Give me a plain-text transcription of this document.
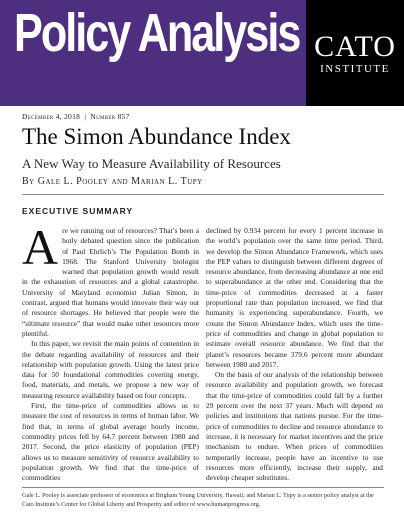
Policy Analysis CATO
INSTITUTE
December 4, 2018 | Number 857
The Simon Abundance Index
A New Way to Measure Availability of Resources
By Gale L. Pooley and Marian L. Tupy
EXECUTIVE SUMMARY
A re we running out of resources? That’s been a hotly debated question since the publication of Paul Ehrlich’s The Population Bomb in 1968. The Stanford University biologist warned that population growth would result in the exhaustion of resources and a global catastrophe. University of Maryland economist Julian Simon, in contrast, argued that humans would innovate their way out of resource shortages. He believed that people were the “ultimate resource” that would make other resources more plentiful.

In this paper, we revisit the main points of contention in the debate regarding availability of resources and their relationship with population growth. Using the latest price data for 50 foundational commodities covering energy, food, materials, and metals, we propose a new way of measuring resource availability based on four concepts.

First, the time-price of commodities allows us to measure the cost of resources in terms of human labor. We find that, in terms of global average hourly income, commodity prices fell by 64.7 percent between 1980 and 2017. Second, the price elasticity of population (PEP) allows us to measure sensitivity of resource availability to population growth. We find that the time-price of commodities

declined by 0.934 percent for every 1 percent increase in the world’s population over the same time period. Third, we develop the Simon Abundance Framework, which uses the PEP values to distinguish between different degrees of resource abundance, from decreasing abundance at one end to superabundance at the other end. Considering that the time-price of commodities decreased at a faster proportional rate than population increased, we find that humanity is experiencing superabundance. Fourth, we create the Simon Abundance Index, which uses the time-price of commodities and change in global population to estimate overall resource abundance. We find that the planet’s resources became 379.6 percent more abundant between 1980 and 2017.

On the basis of our analysis of the relationship between resource availability and population growth, we forecast that the time-price of commodities could fall by a further 29 percent over the next 37 years. Much will depend on policies and institutions that nations pursue. For the time-price of commodities to decline and resource abundance to increase, it is necessary for market incentives and the price mechanism to endure. When prices of commodities temporarily increase, people have an incentive to use resources more efficiently, increase their supply, and develop cheaper substitutes.

Gale L. Pooley is associate professor of economics at Brigham Young University, Hawaii; and Marian L. Tupy is a senior policy analyst at the Cato Institute’s Center for Global Liberty and Prosperity and editor of www.humanprogress.org.
